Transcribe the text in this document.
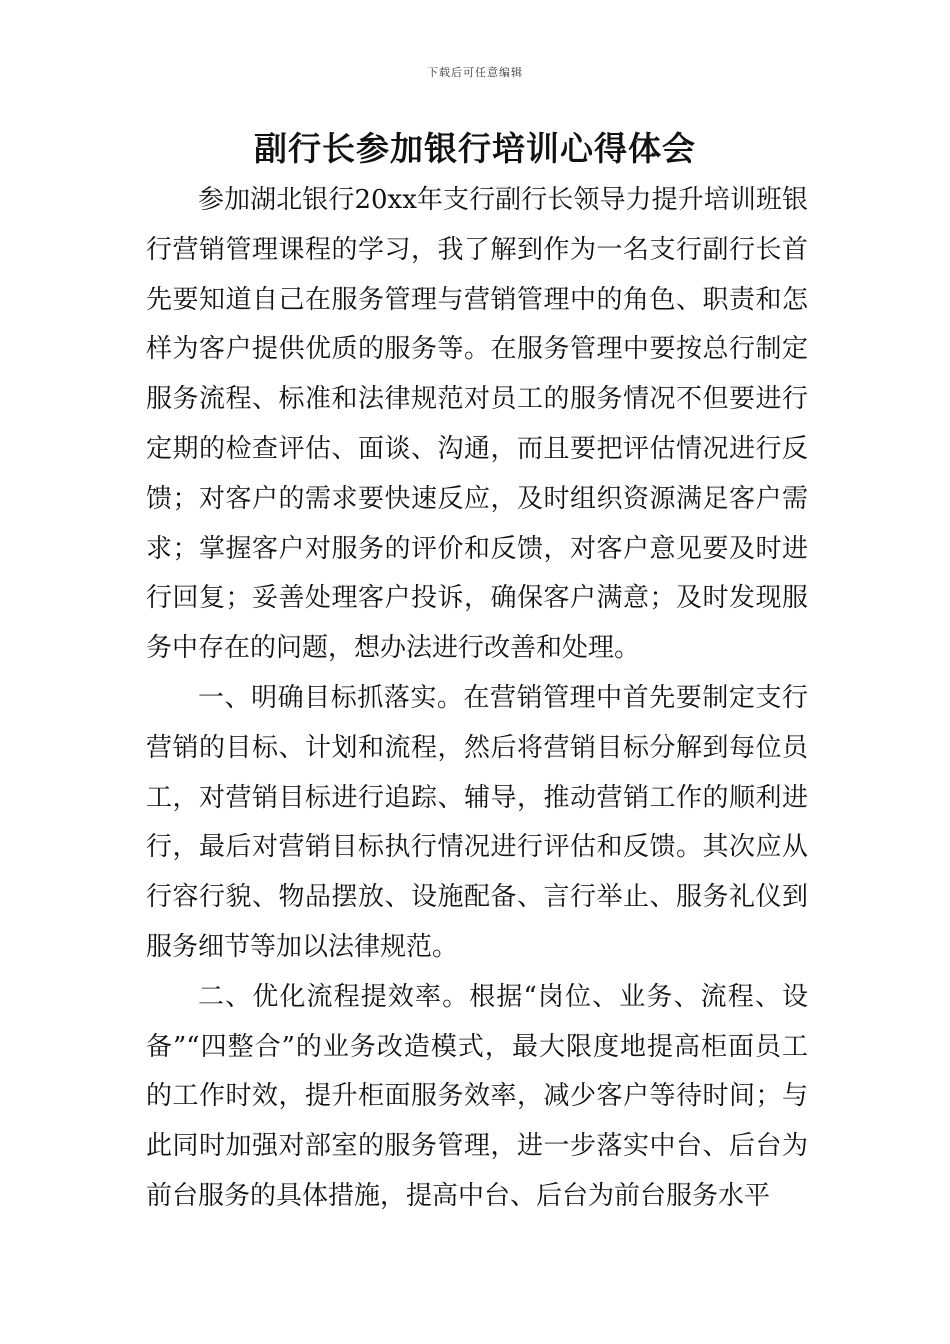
下载后可任意编辑
副行长参加银行培训心得体会

参加湖北银行20xx年支行副行长领导力提升培训班银行营销管理课程的学习，我了解到作为一名支行副行长首先要知道自己在服务管理与营销管理中的角色、职责和怎样为客户提供优质的服务等。在服务管理中要按总行制定服务流程、标准和法律规范对员工的服务情况不但要进行定期的检查评估、面谈、沟通，而且要把评估情况进行反馈；对客户的需求要快速反应，及时组织资源满足客户需求；掌握客户对服务的评价和反馈，对客户意见要及时进行回复；妥善处理客户投诉，确保客户满意；及时发现服务中存在的问题，想办法进行改善和处理。

一、明确目标抓落实。在营销管理中首先要制定支行营销的目标、计划和流程，然后将营销目标分解到每位员工，对营销目标进行追踪、辅导，推动营销工作的顺利进行，最后对营销目标执行情况进行评估和反馈。其次应从行容行貌、物品摆放、设施配备、言行举止、服务礼仪到服务细节等加以法律规范。

二、优化流程提效率。根据“岗位、业务、流程、设备”“四整合”的业务改造模式，最大限度地提高柜面员工的工作时效，提升柜面服务效率，减少客户等待时间；与此同时加强对部室的服务管理，进一步落实中台、后台为前台服务的具体措施，提高中台、后台为前台服务水平
